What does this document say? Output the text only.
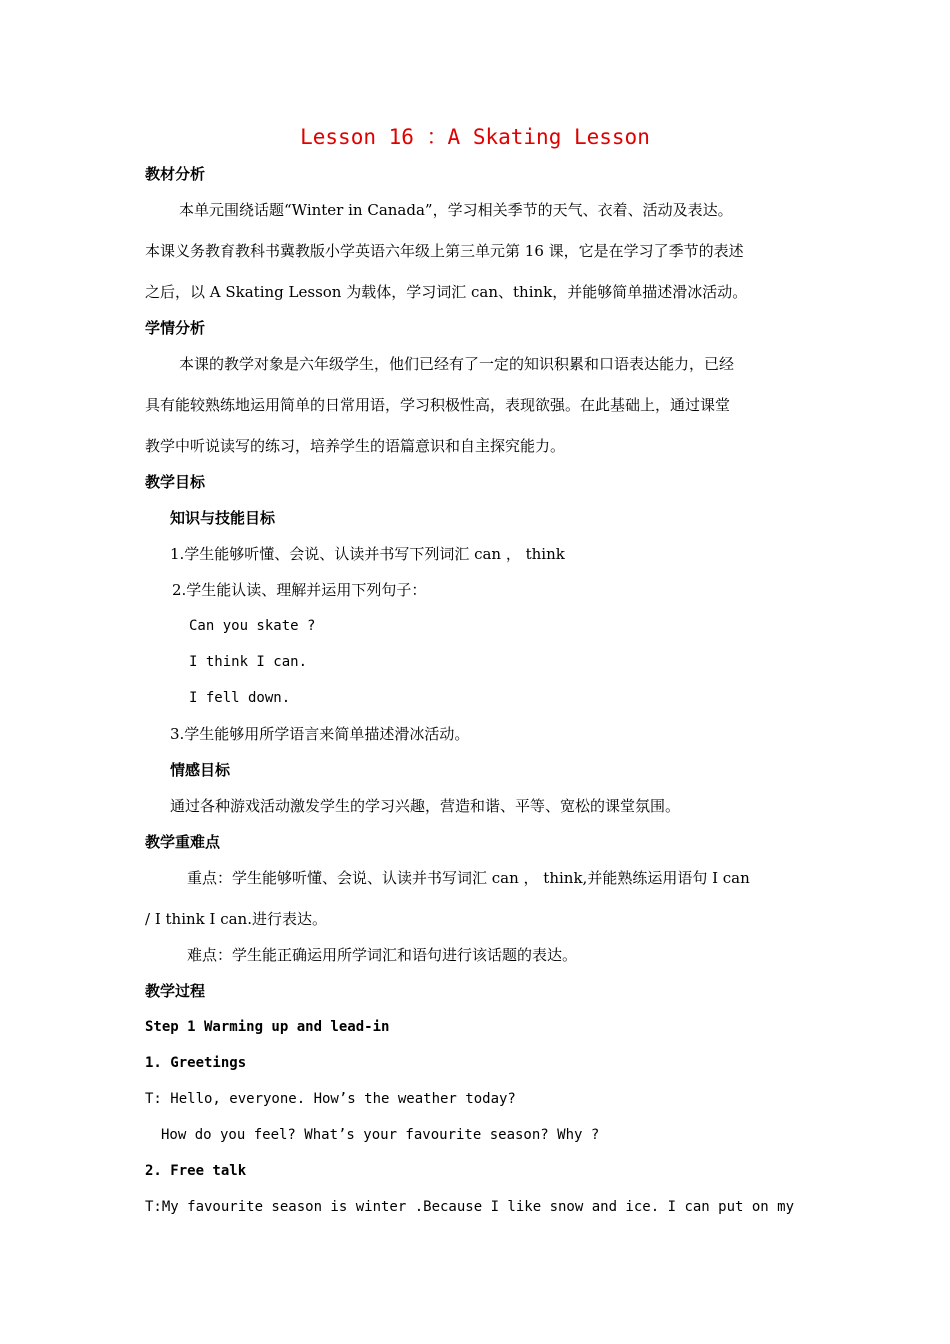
Lesson 16 ：A Skating Lesson
教材分析
本单元围绕话题“Winter in Canada”，学习相关季节的天气、衣着、活动及表达。
本课义务教育教科书冀教版小学英语六年级上第三单元第 16 课，它是在学习了季节的表述
之后，以 A Skating Lesson 为载体，学习词汇 can、think，并能够简单描述滑冰活动。
学情分析
本课的教学对象是六年级学生，他们已经有了一定的知识积累和口语表达能力，已经
具有能较熟练地运用简单的日常用语，学习积极性高，表现欲强。在此基础上，通过课堂
教学中听说读写的练习，培养学生的语篇意识和自主探究能力。
教学目标
知识与技能目标
1.学生能够听懂、会说、认读并书写下列词汇 can ， think
2.学生能认读、理解并运用下列句子：
Can you skate ?
I think I can.
I fell down.
3.学生能够用所学语言来简单描述滑冰活动。
情感目标
通过各种游戏活动激发学生的学习兴趣，营造和谐、平等、宽松的课堂氛围。
教学重难点
重点：学生能够听懂、会说、认读并书写词汇 can ， think,并能熟练运用语句 I can
/ I think I can.进行表达。
难点：学生能正确运用所学词汇和语句进行该话题的表达。
教学过程
Step 1 Warming up and lead-in
1. Greetings
T: Hello, everyone. How’s the weather today?
How do you feel? What’s your favourite season? Why ?
2. Free talk
T:My favourite season is winter .Because I like snow and ice. I can put on my
